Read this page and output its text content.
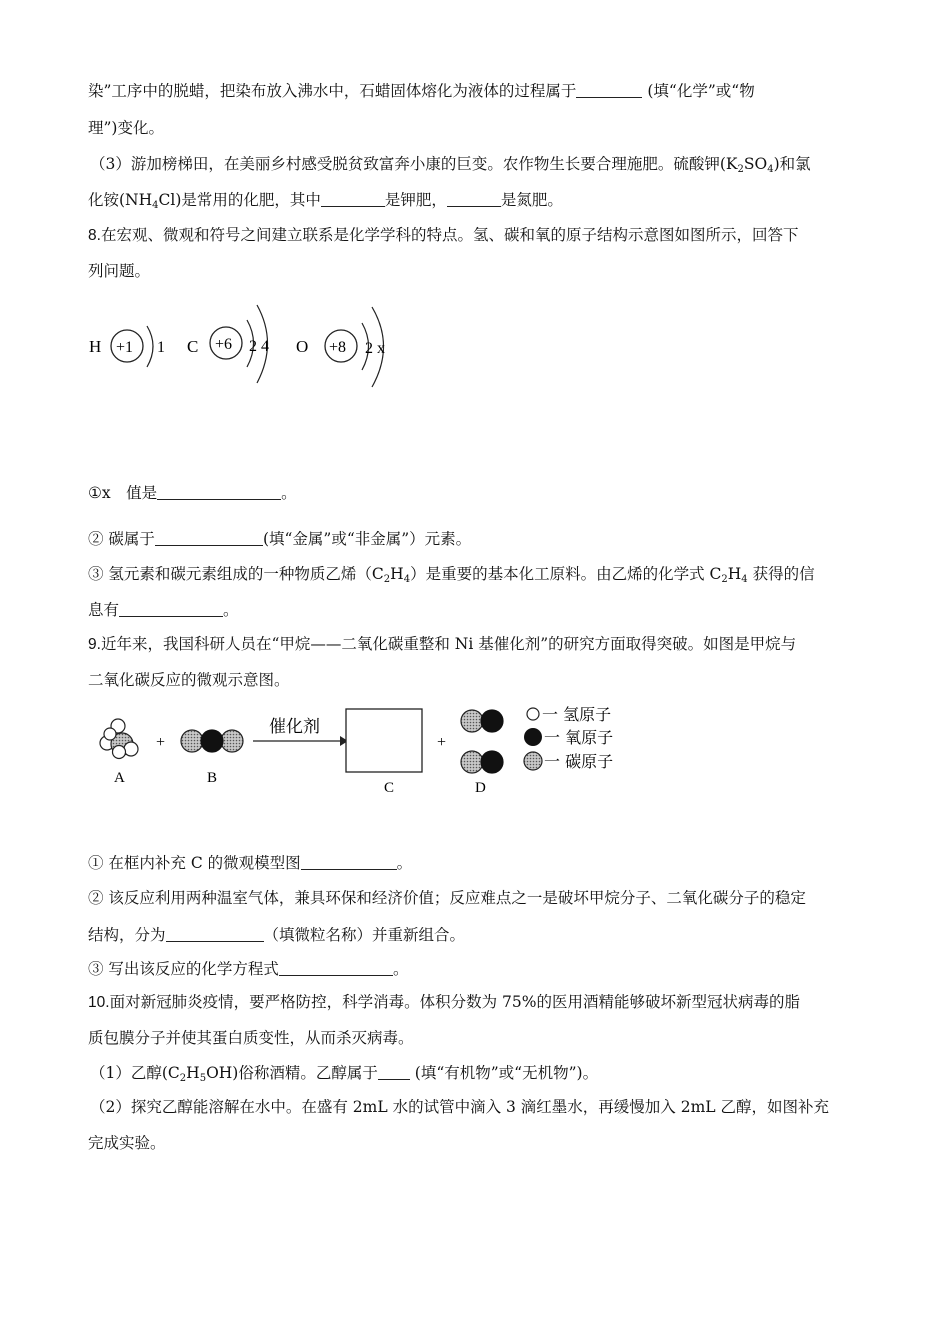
染”工序中的脱蜡，把染布放入沸水中，石蜡固体熔化为液体的过程属于	(填“化学”或“物
理”)变化。
（3）游加榜梯田，在美丽乡村感受脱贫致富奔小康的巨变。农作物生长要合理施肥。硫酸钾$(K_2SO_4)$和氯
化铵$(NH_4Cl)$是常用的化肥，其中	是钾肥，	是氮肥。
8.在宏观、微观和符号之间建立联系是化学学科的特点。氢、碳和氧的原子结构示意图如图所示，回答下
列问题。
H +1 1 C +6 2 4 O +8 2 x
①x　值是	。
② 碳属于	(填“金属”或“非金属”）元素。
③ 氢元素和碳元素组成的一种物质乙烯$(C_2H_4)$是重要的基本化工原料。由乙烯的化学式 $C_2H_4$ 获得的信
息有	。
9.近年来，我国科研人员在“甲烷——二氧化碳重整和 Ni 基催化剂”的研究方面取得突破。如图是甲烷与
二氧化碳反应的微观示意图。
A
+
B
催化剂
C
+
D
一 氢原子
一 氧原子
一 碳原子
① 在框内补充 C 的微观模型图	。
② 该反应利用两种温室气体，兼具环保和经济价值；反应难点之一是破坏甲烷分子、二氧化碳分子的稳定
结构，分为	（填微粒名称）并重新组合。
③ 写出该反应的化学方程式	。
10.面对新冠肺炎疫情，要严格防控，科学消毒。体积分数为 75%的医用酒精能够破坏新型冠状病毒的脂
质包膜分子并使其蛋白质变性，从而杀灭病毒。
（1）乙醇$(C_2H_5OH)$俗称酒精。乙醇属于 (填“有机物”或“无机物”)。
（2）探究乙醇能溶解在水中。在盛有 2mL 水的试管中滴入 3 滴红墨水，再缓慢加入 2mL 乙醇，如图补充
完成实验。
